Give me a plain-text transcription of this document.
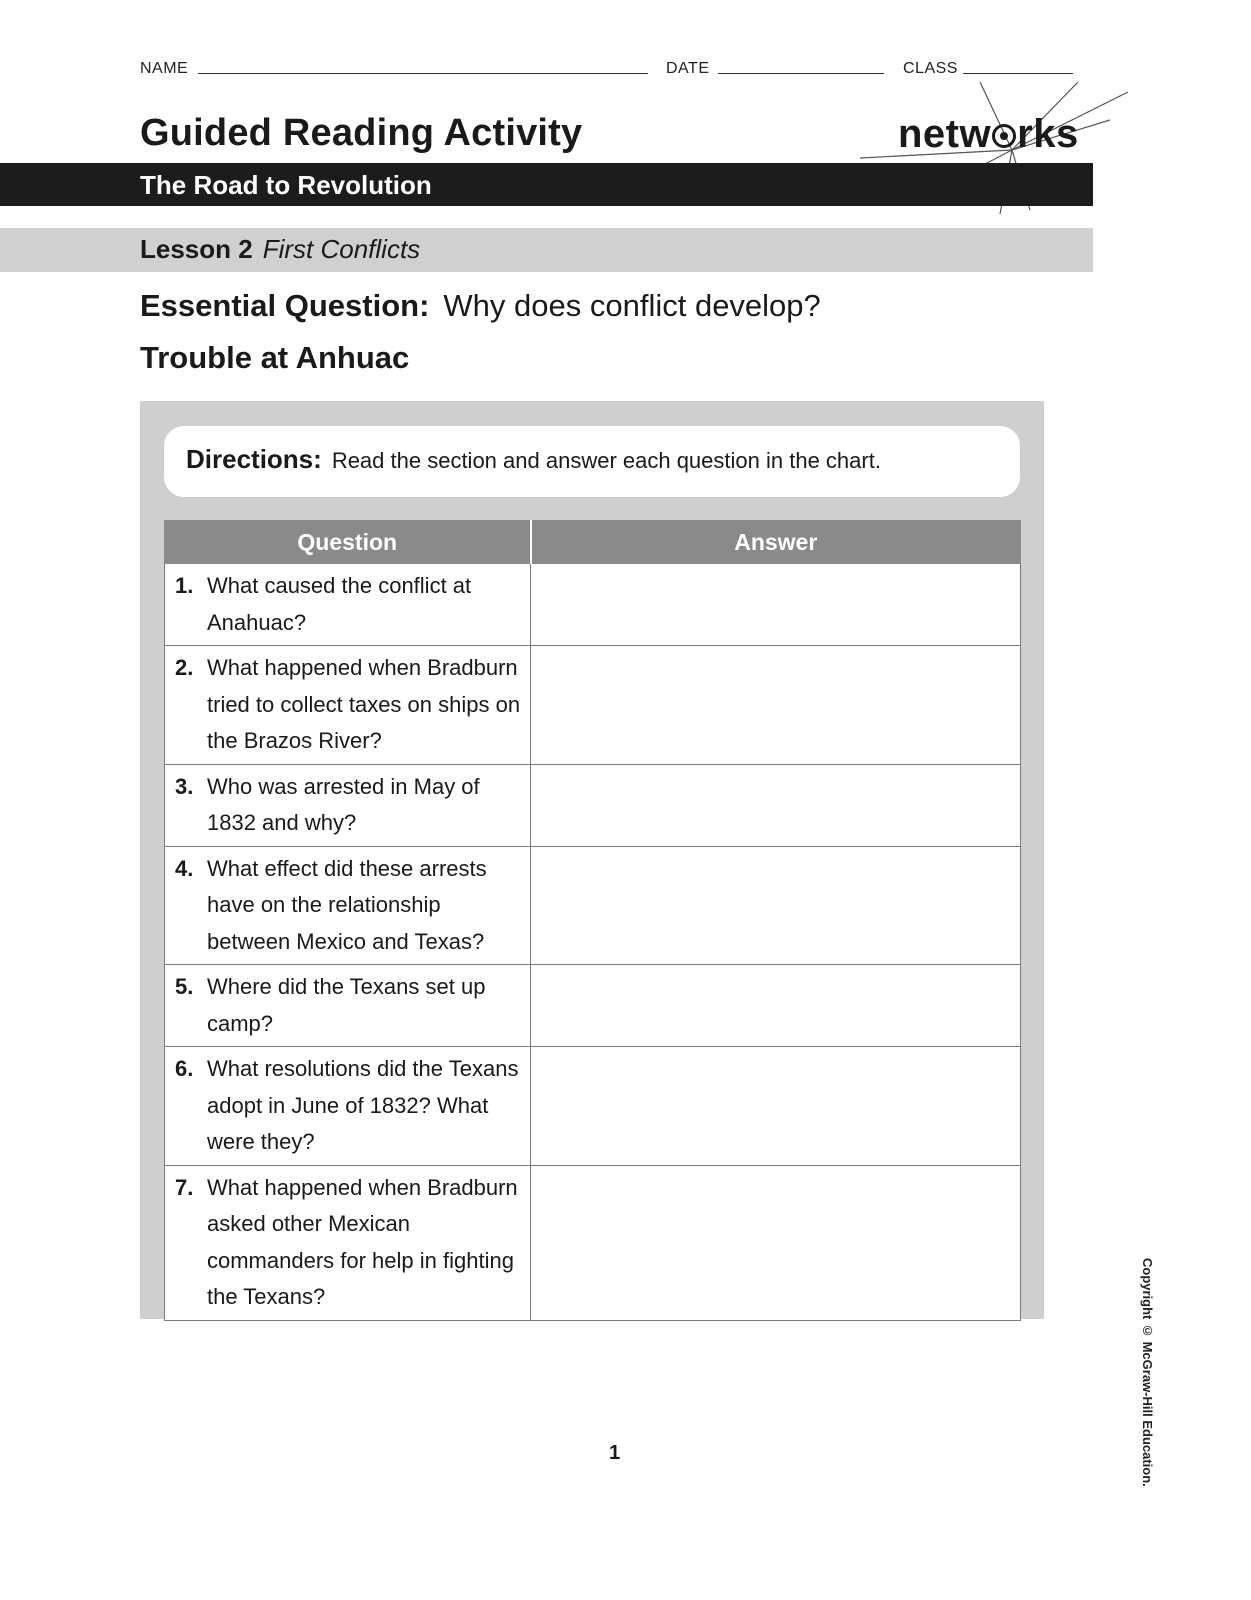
NAME	DATE	CLASS
Guided Reading Activity	netw rks
The Road to Revolution
Lesson 2 First Conflicts
Essential Question: Why does conflict develop?
Trouble at Anhuac
Directions: Read the section and answer each question in the chart.
Question	Answer

1. What caused the conflict at Anahuac?	

2. What happened when Bradburn tried to collect taxes on ships on the Brazos River?	

3. Who was arrested in May of 1832 and why?	

4. What effect did these arrests have on the relationship between Mexico and Texas?	

5. Where did the Texans set up camp?	

6. What resolutions did the Texans adopt in June of 1832? What were they?	

7. What happened when Bradburn asked other Mexican commanders for help in fighting the Texans?	

1	Copyright © McGraw-Hill Education.
